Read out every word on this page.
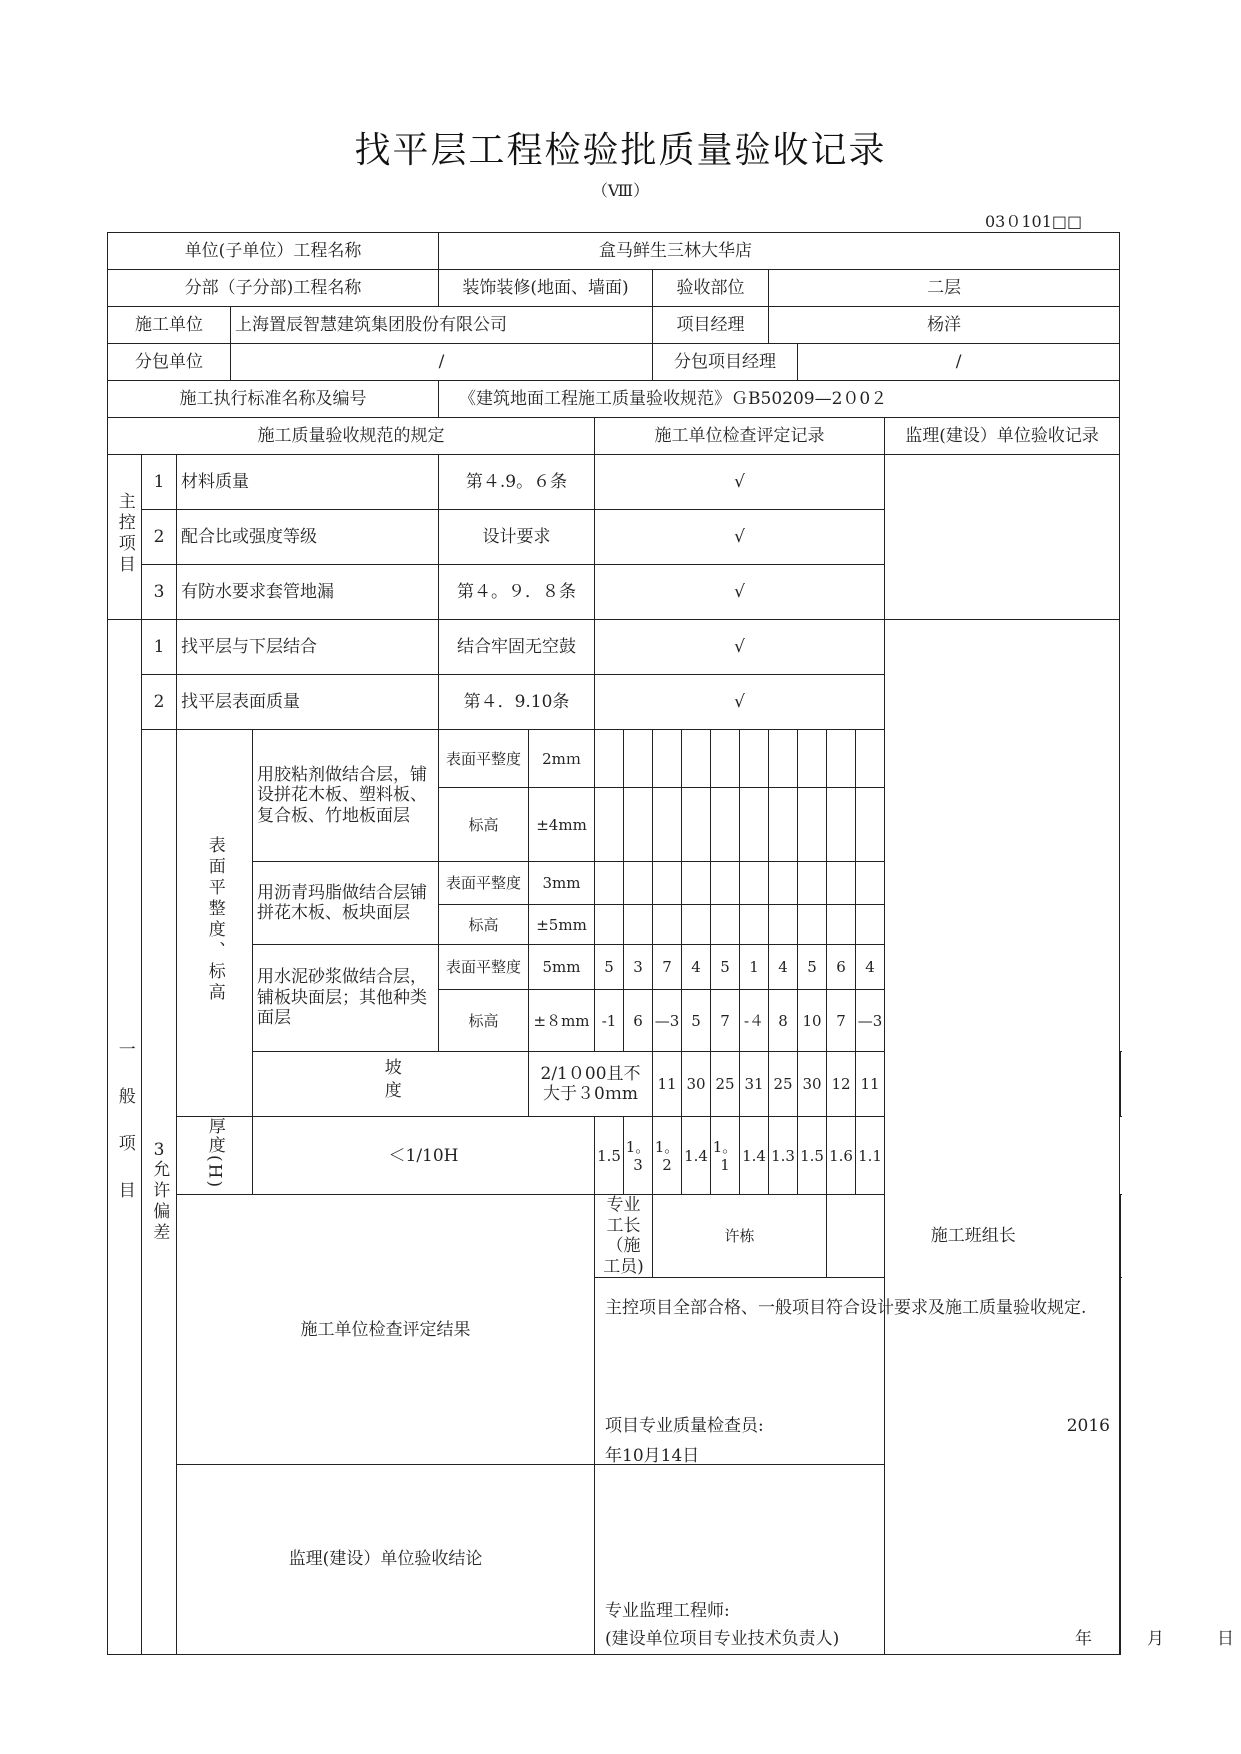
找平层工程检验批质量验收记录
（Ⅷ）
03０101□□
单位(子单位）工程名称					盒马鲜生三林大华店													
分部（子分部)工程名称					装饰装修(地面、墙面)				验收部位				二层					
施工单位			上海置辰智慧建筑集团股份有限公司						项目经理				杨洋					
分包单位			/						分包项目经理					/				
施工执行标准名称及编号					《建筑地面工程施工质量验收规范》ＧB50209—2０0２													
施工质量验收规范的规定							施工单位检查评定记录										监理(建设）单位验收记录	
主控项目	1	材料质量			第４.9。６条		√											
	2	配合比或强度等级			设计要求		√											
	3	有防水要求套管地漏			第４。９．８条		√											
一般项目	1	找平层与下层结合			结合牢固无空鼓		√											
	2	找平层表面质量			第４．9.10条		√											

	3
允许偏差	表面平整度、标高		用胶粘剂做结合层，铺设拼花木板、塑料板、复合板、竹地板面层	表面平整度	2mｍ												
					标高	±4mm												
				用沥青玛脂做结合层铺拼花木板、板块面层	表面平整度	3mm												
					标高	±5mm												
				用水泥砂浆做结合层，铺板块面层；其他种类面层	表面平整度	5mm	5	3	7	4	5	1	4	5	6	4		
					标高	±８mm	-1	6	—3	5	7	-４	8	10	7	—3		
				坡度		2/1０00且不大于３0ｍm			11	30	25	31	25	30	12	11		
		厚度(H)		＜1/10H			1.5	1。3	1。2	1.4	1。1	1.4	1.3	1.5	1.6	1.1		
		施工单位检查评定结果					专业工长（施工员)		许栋						施工班组长	

							主控项目全部合格、一般项目符合设计要求及施工质量验收规定.
项目专业质量检查员: 2016
年10月14日											

		监理(建设）单位验收结论					专业监理工程师:
(建设单位项目专业技术负责人) 年 月 日											
